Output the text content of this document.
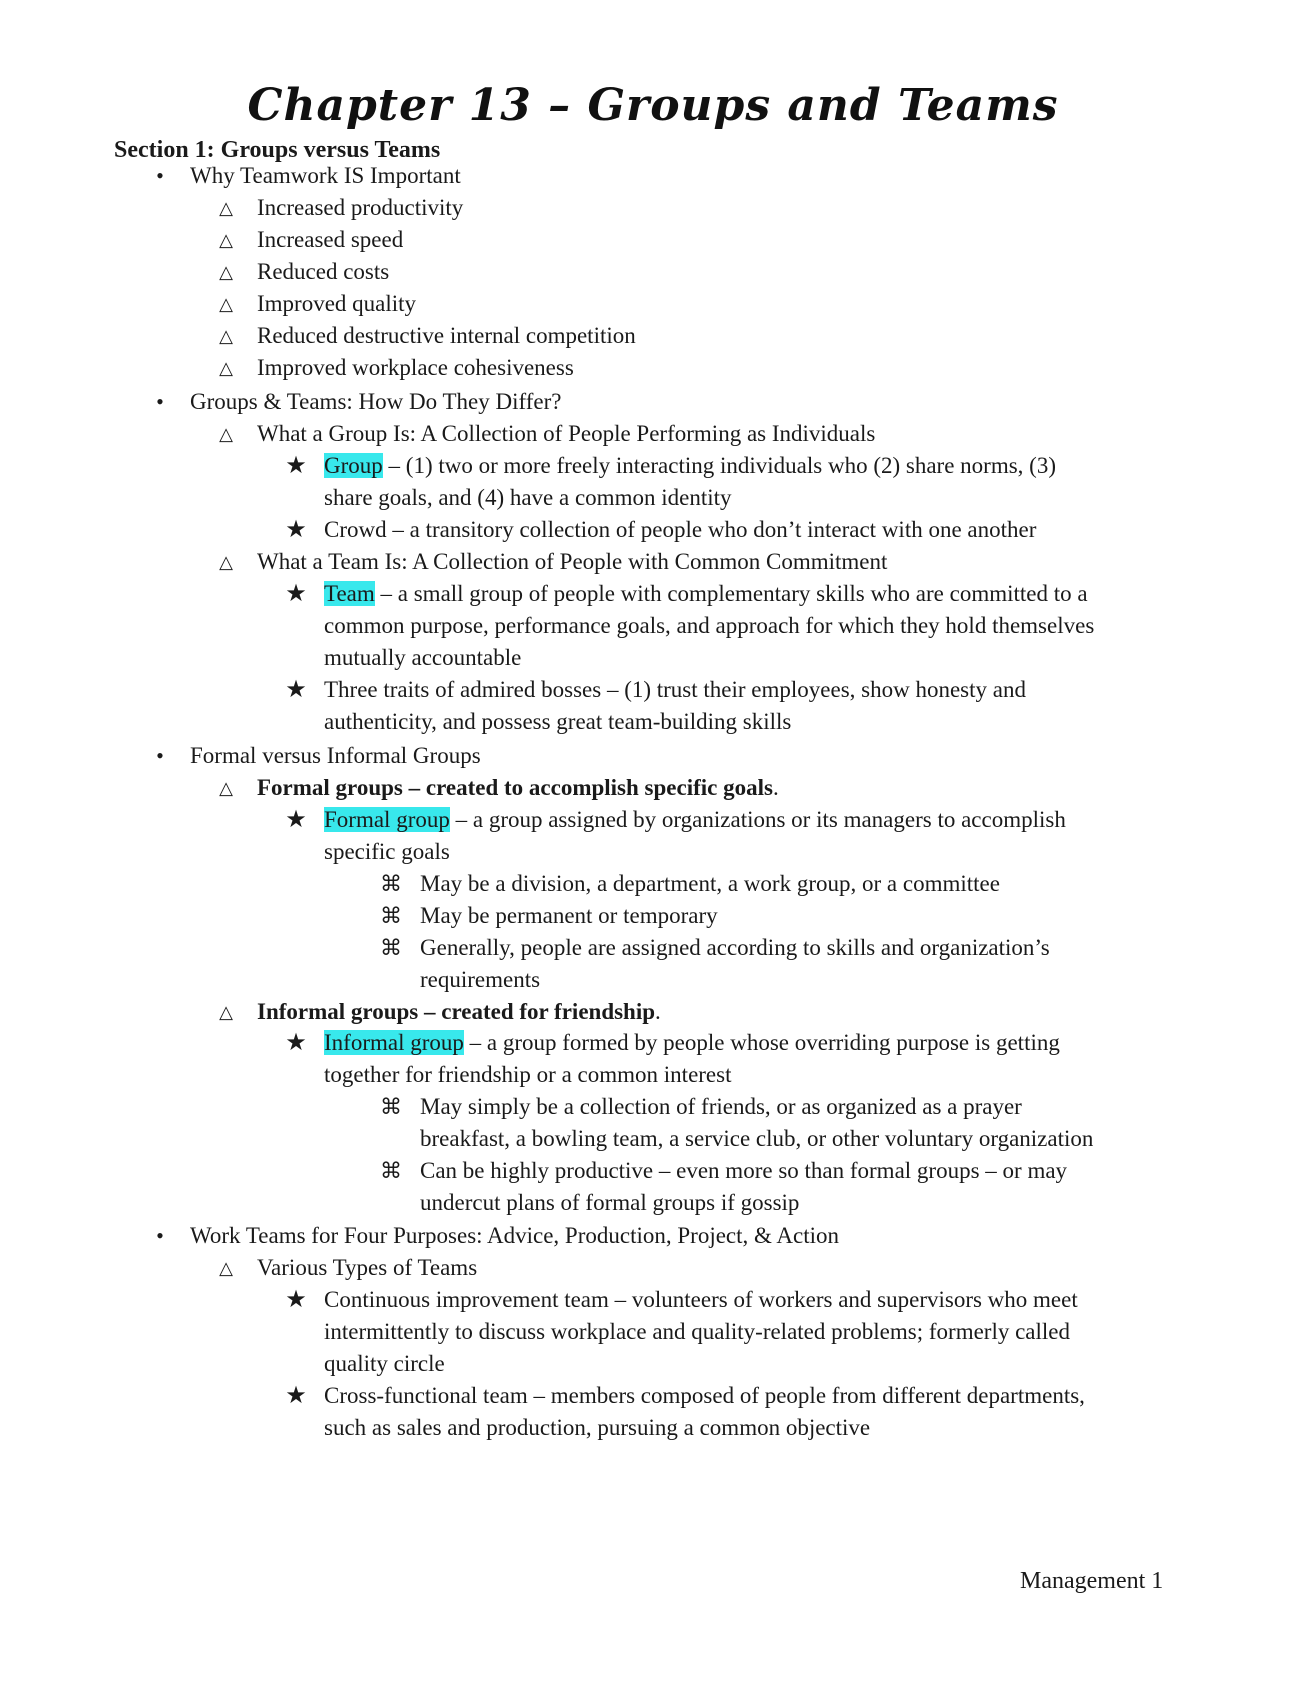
Chapter 13 – Groups and Teams
Section 1: Groups versus Teams
• Why Teamwork IS Important
△ Increased productivity
△ Increased speed
△ Reduced costs
△ Improved quality
△ Reduced destructive internal competition
△ Improved workplace cohesiveness
• Groups & Teams: How Do They Differ?
△ What a Group Is: A Collection of People Performing as Individuals
★ Group – (1) two or more freely interacting individuals who (2) share norms, (3)
share goals, and (4) have a common identity
★ Crowd – a transitory collection of people who don’t interact with one another
△ What a Team Is: A Collection of People with Common Commitment
★ Team – a small group of people with complementary skills who are committed to a
common purpose, performance goals, and approach for which they hold themselves
mutually accountable
★ Three traits of admired bosses – (1) trust their employees, show honesty and
authenticity, and possess great team-building skills
• Formal versus Informal Groups
△ Formal groups – created to accomplish specific goals.
★ Formal group – a group assigned by organizations or its managers to accomplish
specific goals
⌘ May be a division, a department, a work group, or a committee
⌘ May be permanent or temporary
⌘ Generally, people are assigned according to skills and organization’s
requirements
△ Informal groups – created for friendship.
★ Informal group – a group formed by people whose overriding purpose is getting
together for friendship or a common interest
⌘ May simply be a collection of friends, or as organized as a prayer
breakfast, a bowling team, a service club, or other voluntary organization
⌘ Can be highly productive – even more so than formal groups – or may
undercut plans of formal groups if gossip
• Work Teams for Four Purposes: Advice, Production, Project, & Action
△ Various Types of Teams
★ Continuous improvement team – volunteers of workers and supervisors who meet
intermittently to discuss workplace and quality-related problems; formerly called
quality circle
★ Cross-functional team – members composed of people from different departments,
such as sales and production, pursuing a common objective
Management 1
